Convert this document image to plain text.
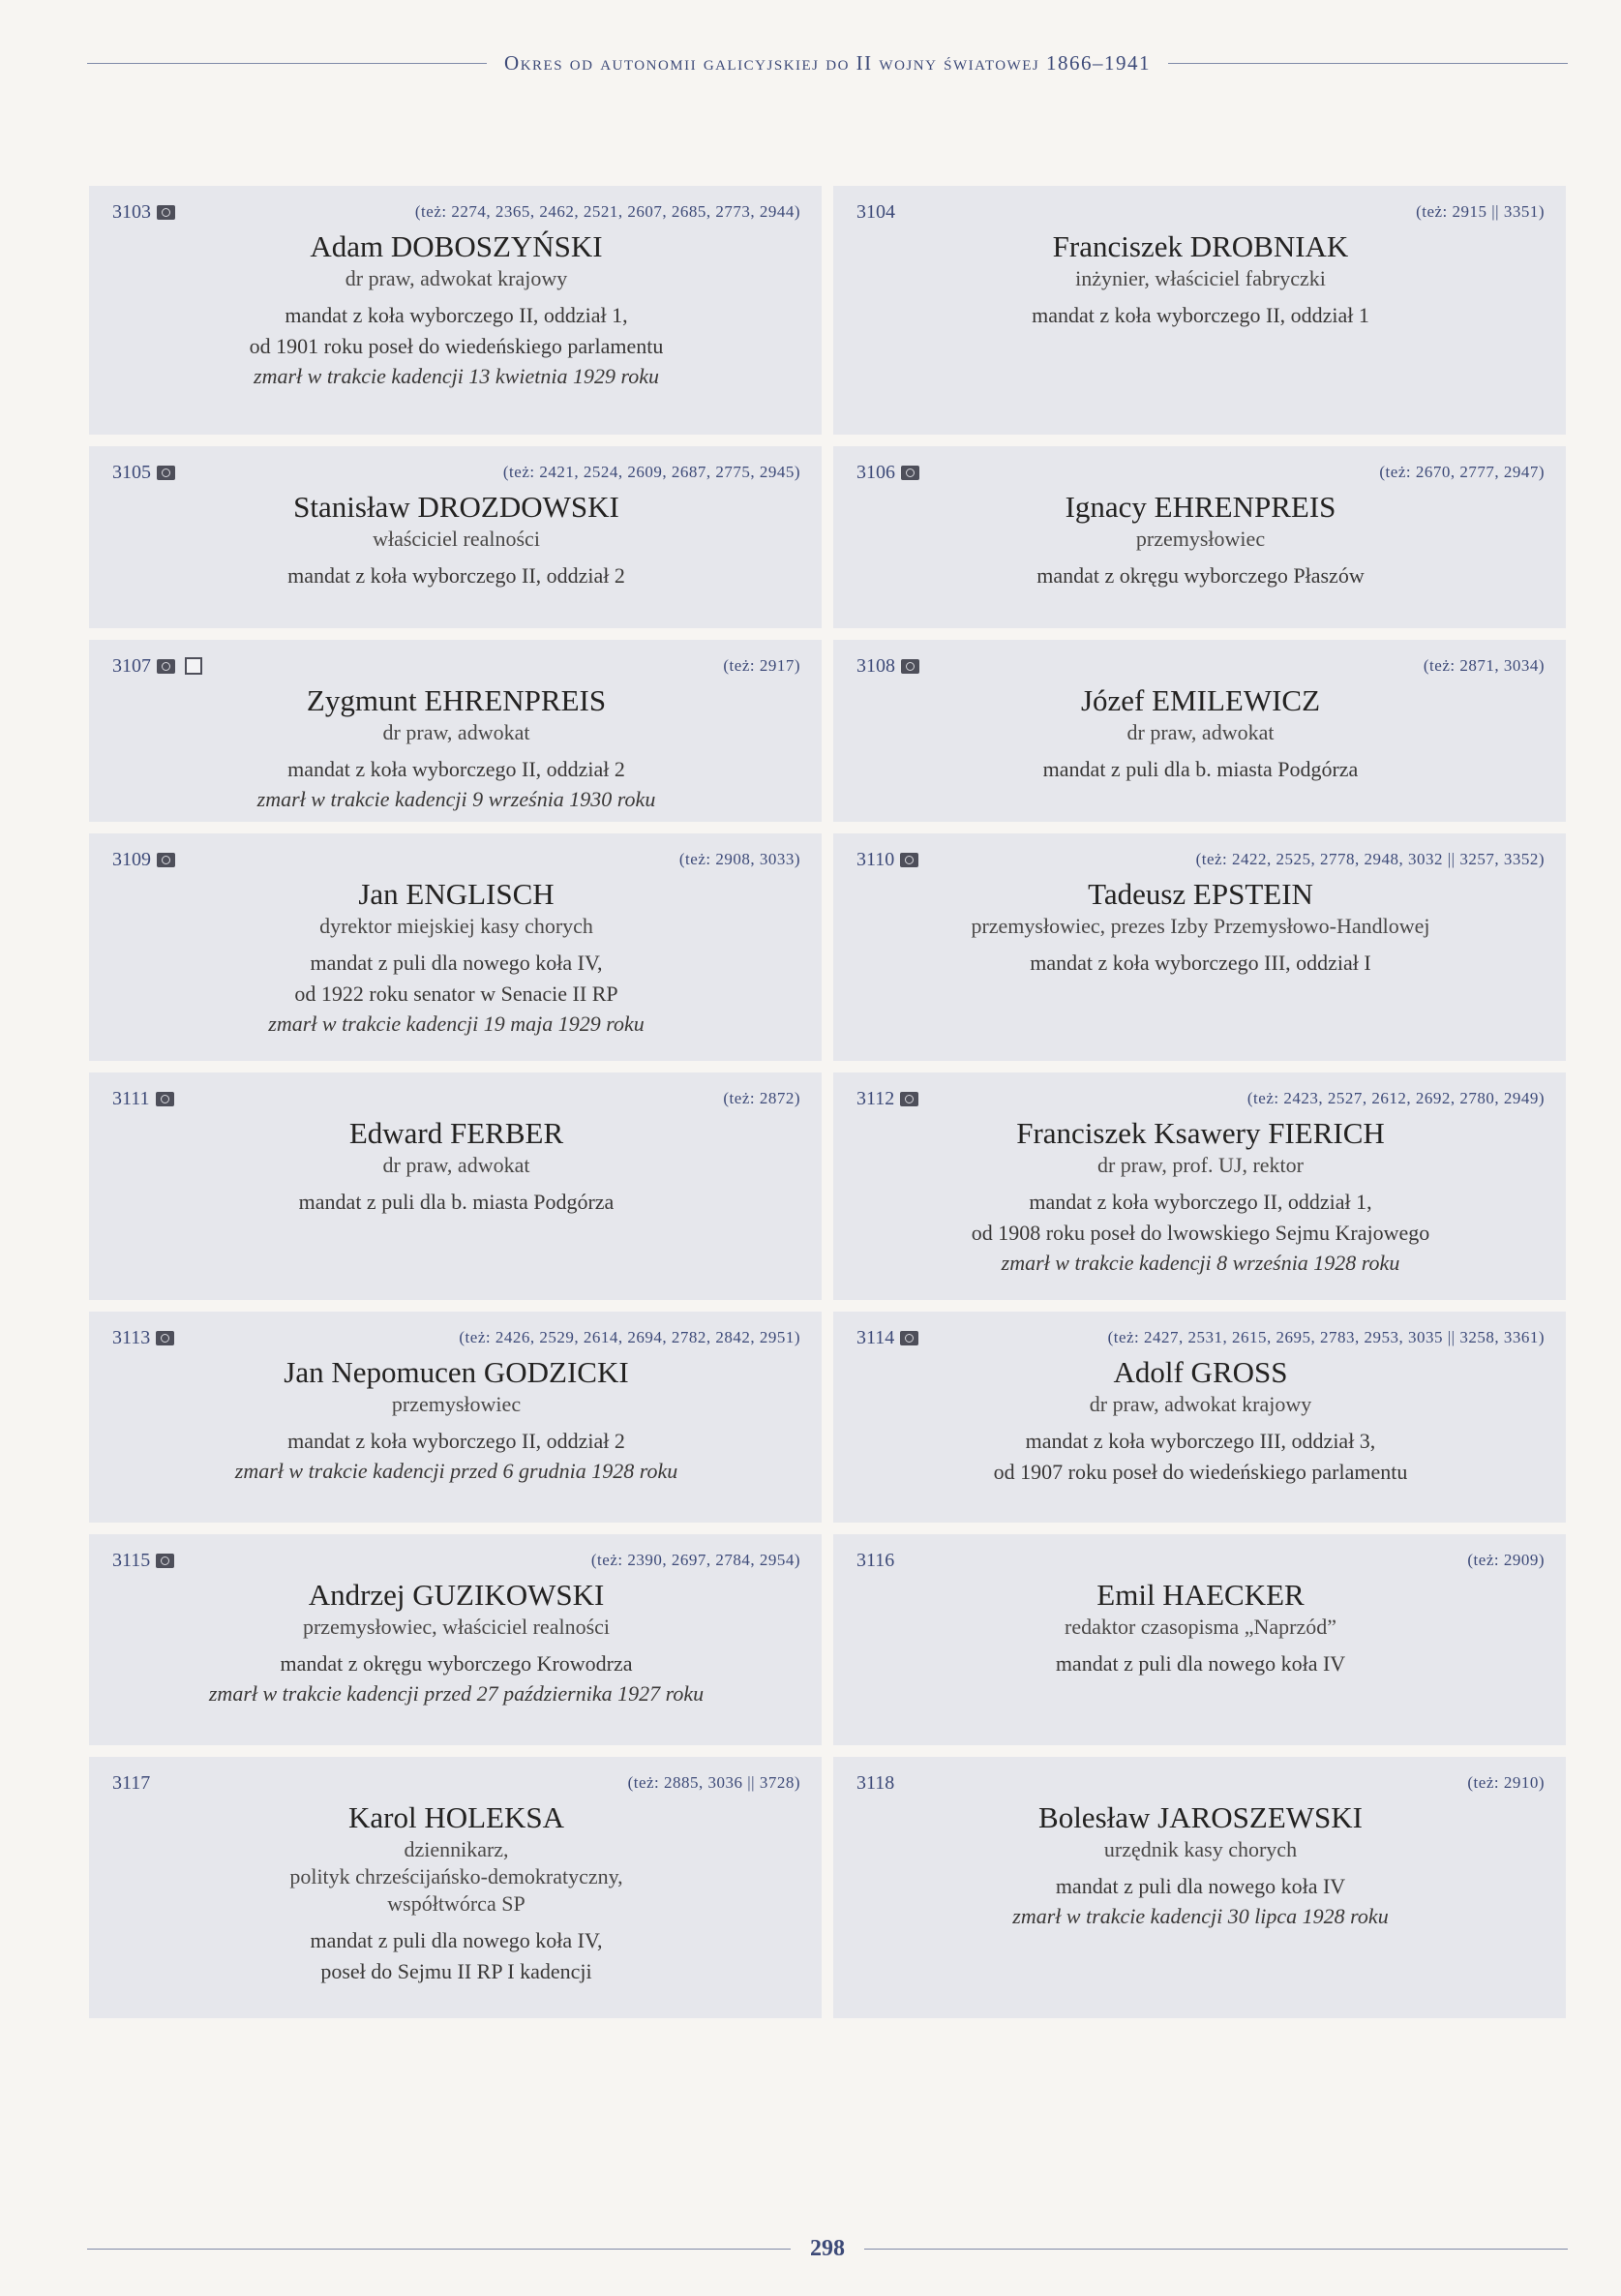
Okres od autonomii galicyjskiej do II wojny światowej 1866–1941
3103	(też: 2274, 2365, 2462, 2521, 2607, 2685, 2773, 2944)
Adam DOBOSZYŃSKI
dr praw, adwokat krajowy
mandat z koła wyborczego II, oddział 1,
od 1901 roku poseł do wiedeńskiego parlamentu
zmarł w trakcie kadencji 13 kwietnia 1929 roku
3104	(też: 2915 || 3351)
Franciszek DROBNIAK
inżynier, właściciel fabryczki
mandat z koła wyborczego II, oddział 1
3105	(też: 2421, 2524, 2609, 2687, 2775, 2945)
Stanisław DROZDOWSKI
właściciel realności
mandat z koła wyborczego II, oddział 2
3106	(też: 2670, 2777, 2947)
Ignacy EHRENPREIS
przemysłowiec
mandat z okręgu wyborczego Płaszów
3107	(też: 2917)
Zygmunt EHRENPREIS
dr praw, adwokat
mandat z koła wyborczego II, oddział 2
zmarł w trakcie kadencji 9 września 1930 roku
3108	(też: 2871, 3034)
Józef EMILEWICZ
dr praw, adwokat
mandat z puli dla b. miasta Podgórza
3109	(też: 2908, 3033)
Jan ENGLISCH
dyrektor miejskiej kasy chorych
mandat z puli dla nowego koła IV,
od 1922 roku senator w Senacie II RP
zmarł w trakcie kadencji 19 maja 1929 roku
3110	(też: 2422, 2525, 2778, 2948, 3032 || 3257, 3352)
Tadeusz EPSTEIN
przemysłowiec, prezes Izby Przemysłowo-Handlowej
mandat z koła wyborczego III, oddział I
3111	(też: 2872)
Edward FERBER
dr praw, adwokat
mandat z puli dla b. miasta Podgórza
3112	(też: 2423, 2527, 2612, 2692, 2780, 2949)
Franciszek Ksawery FIERICH
dr praw, prof. UJ, rektor
mandat z koła wyborczego II, oddział 1,
od 1908 roku poseł do lwowskiego Sejmu Krajowego
zmarł w trakcie kadencji 8 września 1928 roku
3113	(też: 2426, 2529, 2614, 2694, 2782, 2842, 2951)
Jan Nepomucen GODZICKI
przemysłowiec
mandat z koła wyborczego II, oddział 2
zmarł w trakcie kadencji przed 6 grudnia 1928 roku
3114	(też: 2427, 2531, 2615, 2695, 2783, 2953, 3035 || 3258, 3361)
Adolf GROSS
dr praw, adwokat krajowy
mandat z koła wyborczego III, oddział 3,
od 1907 roku poseł do wiedeńskiego parlamentu
3115	(też: 2390, 2697, 2784, 2954)
Andrzej GUZIKOWSKI
przemysłowiec, właściciel realności
mandat z okręgu wyborczego Krowodrza
zmarł w trakcie kadencji przed 27 października 1927 roku
3116	(też: 2909)
Emil HAECKER
redaktor czasopisma „Naprzód”
mandat z puli dla nowego koła IV
3117	(też: 2885, 3036 || 3728)
Karol HOLEKSA
dziennikarz,
polityk chrześcijańsko-demokratyczny,
współtwórca SP
mandat z puli dla nowego koła IV,
poseł do Sejmu II RP I kadencji
3118	(też: 2910)
Bolesław JAROSZEWSKI
urzędnik kasy chorych
mandat z puli dla nowego koła IV
zmarł w trakcie kadencji 30 lipca 1928 roku
298
